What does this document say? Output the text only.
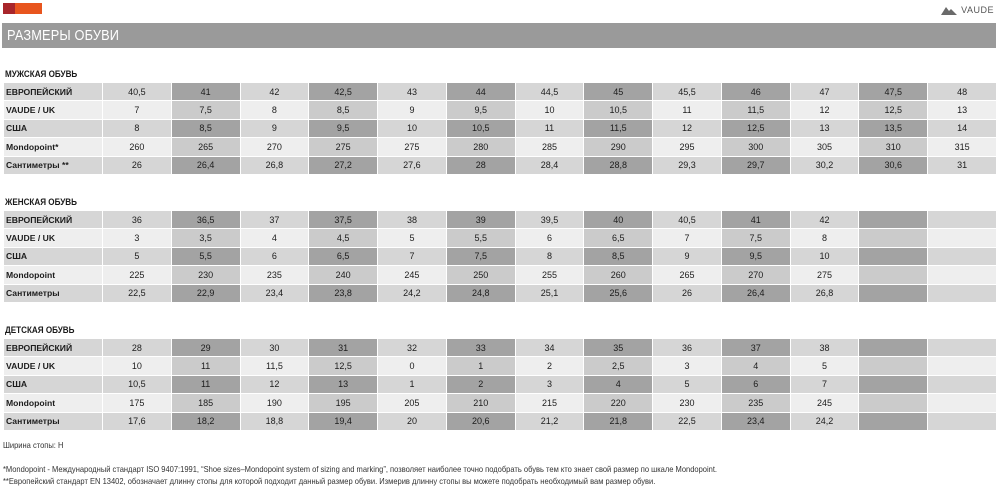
VAUDE
РАЗМЕРЫ ОБУВИ
МУЖСКАЯ ОБУВЬ
ЕВРОПЕЙСКИЙ	40,5	41	42	42,5	43	44	44,5	45	45,5	46	47	47,5	48
VAUDE / UK	7	7,5	8	8,5	9	9,5	10	10,5	11	11,5	12	12,5	13
США	8	8,5	9	9,5	10	10,5	11	11,5	12	12,5	13	13,5	14
Mondopoint*	260	265	270	275	275	280	285	290	295	300	305	310	315
Сантиметры **	26	26,4	26,8	27,2	27,6	28	28,4	28,8	29,3	29,7	30,2	30,6	31
ЖЕНСКАЯ ОБУВЬ
ЕВРОПЕЙСКИЙ	36	36,5	37	37,5	38	39	39,5	40	40,5	41	42		
VAUDE / UK	3	3,5	4	4,5	5	5,5	6	6,5	7	7,5	8		
США	5	5,5	6	6,5	7	7,5	8	8,5	9	9,5	10		
Mondopoint	225	230	235	240	245	250	255	260	265	270	275		
Сантиметры	22,5	22,9	23,4	23,8	24,2	24,8	25,1	25,6	26	26,4	26,8		
ДЕТСКАЯ ОБУВЬ
ЕВРОПЕЙСКИЙ	28	29	30	31	32	33	34	35	36	37	38		
VAUDE / UK	10	11	11,5	12,5	0	1	2	2,5	3	4	5		
США	10,5	11	12	13	1	2	3	4	5	6	7		
Mondopoint	175	185	190	195	205	210	215	220	230	235	245		
Сантиметры	17,6	18,2	18,8	19,4	20	20,6	21,2	21,8	22,5	23,4	24,2		
Ширина стопы: H
*Mondopoint - Международный стандарт ISO 9407:1991, “Shoe sizes–Mondopoint system of sizing and marking”, позволяет наиболее точно подобрать обувь тем кто знает свой размер по шкале Mondopoint.
**Европейский стандарт EN 13402, обозначает длинну стопы для которой подходит данный размер обуви. Измерив длинну стопы вы можете подобрать необходимый вам размер обуви.
